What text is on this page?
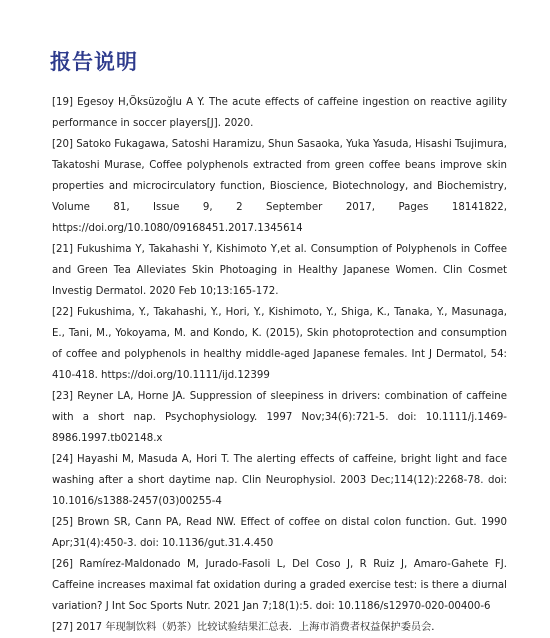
报告说明
[19] Egesoy H,Öksüzoğlu A Y. The acute effects of caffeine ingestion on reactive agility performance in soccer players[J]. 2020.
[20] Satoko Fukagawa, Satoshi Haramizu, Shun Sasaoka, Yuka Yasuda, Hisashi Tsujimura, Takatoshi Murase, Coffee polyphenols extracted from green coffee beans improve skin properties and microcirculatory function, Bioscience, Biotechnology, and Biochemistry, Volume 81, Issue 9, 2 September 2017, Pages 18141822, https://doi.org/10.1080/09168451.2017.1345614
[21] Fukushima Y, Takahashi Y, Kishimoto Y,et al. Consumption of Polyphenols in Coffee and Green Tea Alleviates Skin Photoaging in Healthy Japanese Women. Clin Cosmet Investig Dermatol. 2020 Feb 10;13:165-172.
[22] Fukushima, Y., Takahashi, Y., Hori, Y., Kishimoto, Y., Shiga, K., Tanaka, Y., Masunaga, E., Tani, M., Yokoyama, M. and Kondo, K. (2015), Skin photoprotection and consumption of coffee and polyphenols in healthy middle-aged Japanese females. Int J Dermatol, 54: 410-418. https://doi.org/10.1111/ijd.12399
[23] Reyner LA, Horne JA. Suppression of sleepiness in drivers: combination of caffeine with a short nap. Psychophysiology. 1997 Nov;34(6):721-5. doi: 10.1111/j.1469-8986.1997.tb02148.x
[24] Hayashi M, Masuda A, Hori T. The alerting effects of caffeine, bright light and face washing after a short daytime nap. Clin Neurophysiol. 2003 Dec;114(12):2268-78. doi: 10.1016/s1388-2457(03)00255-4
[25] Brown SR, Cann PA, Read NW. Effect of coffee on distal colon function. Gut. 1990 Apr;31(4):450-3. doi: 10.1136/gut.31.4.450
[26] Ramírez-Maldonado M, Jurado-Fasoli L, Del Coso J, R Ruiz J, Amaro-Gahete FJ. Caffeine increases maximal fat oxidation during a graded exercise test: is there a diurnal variation? J Int Soc Sports Nutr. 2021 Jan 7;18(1):5. doi: 10.1186/s12970-020-00400-6
[27] 2017 年现制饮料（奶茶）比较试验结果汇总表．上海市消费者权益保护委员会．
